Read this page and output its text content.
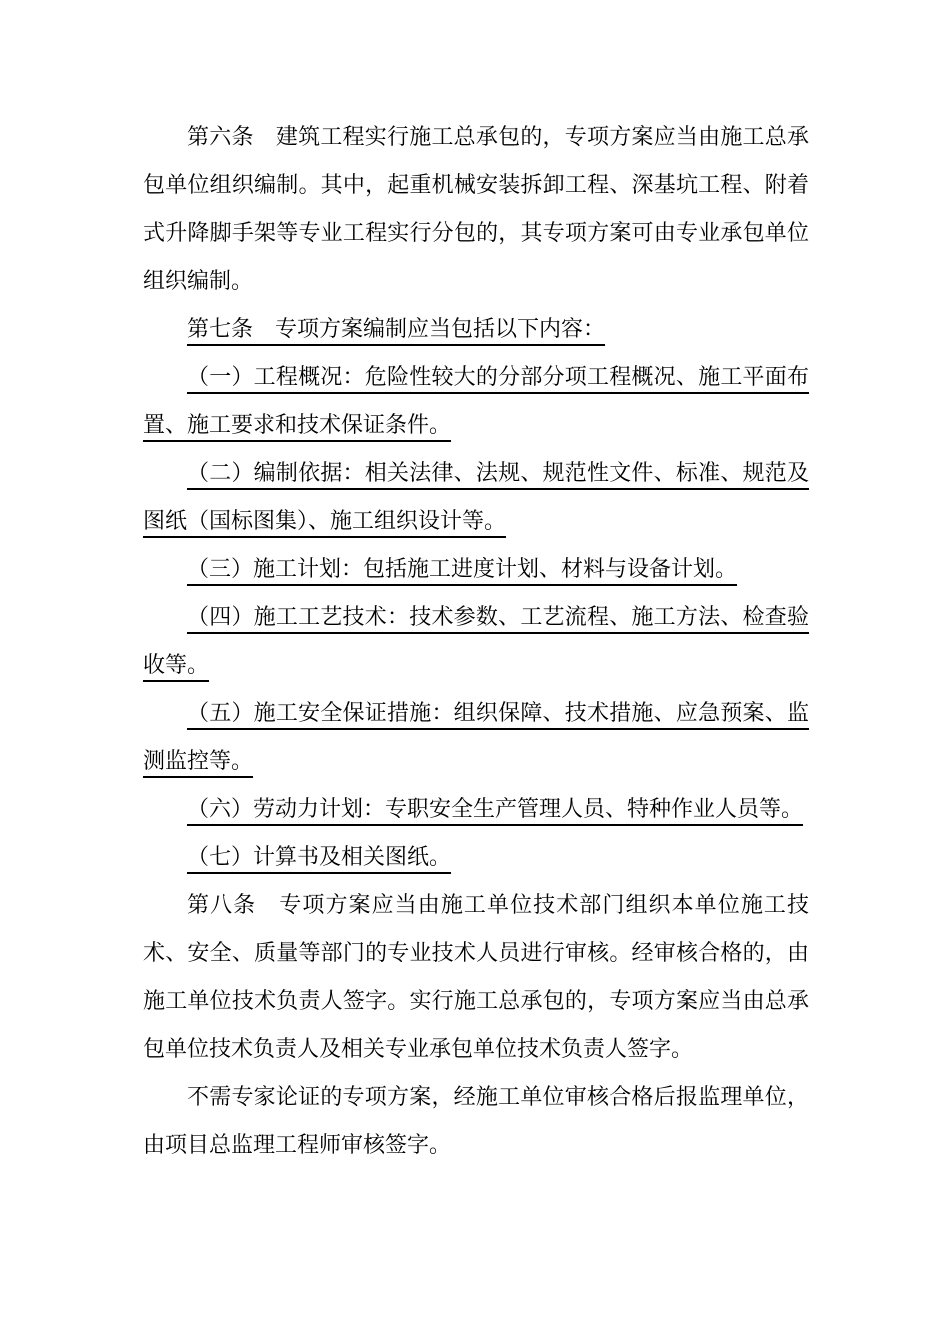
第六条　建筑工程实行施工总承包的，专项方案应当由施工总承包单位组织编制。其中，起重机械安装拆卸工程、深基坑工程、附着式升降脚手架等专业工程实行分包的，其专项方案可由专业承包单位组织编制。

第七条　专项方案编制应当包括以下内容：

（一）工程概况：危险性较大的分部分项工程概况、施工平面布置、施工要求和技术保证条件。

（二）编制依据：相关法律、法规、规范性文件、标准、规范及图纸（国标图集）、施工组织设计等。

（三）施工计划：包括施工进度计划、材料与设备计划。

（四）施工工艺技术：技术参数、工艺流程、施工方法、检查验收等。

（五）施工安全保证措施：组织保障、技术措施、应急预案、监测监控等。

（六）劳动力计划：专职安全生产管理人员、特种作业人员等。

（七）计算书及相关图纸。

第八条　专项方案应当由施工单位技术部门组织本单位施工技术、安全、质量等部门的专业技术人员进行审核。经审核合格的，由施工单位技术负责人签字。实行施工总承包的，专项方案应当由总承包单位技术负责人及相关专业承包单位技术负责人签字。

不需专家论证的专项方案，经施工单位审核合格后报监理单位，由项目总监理工程师审核签字。
